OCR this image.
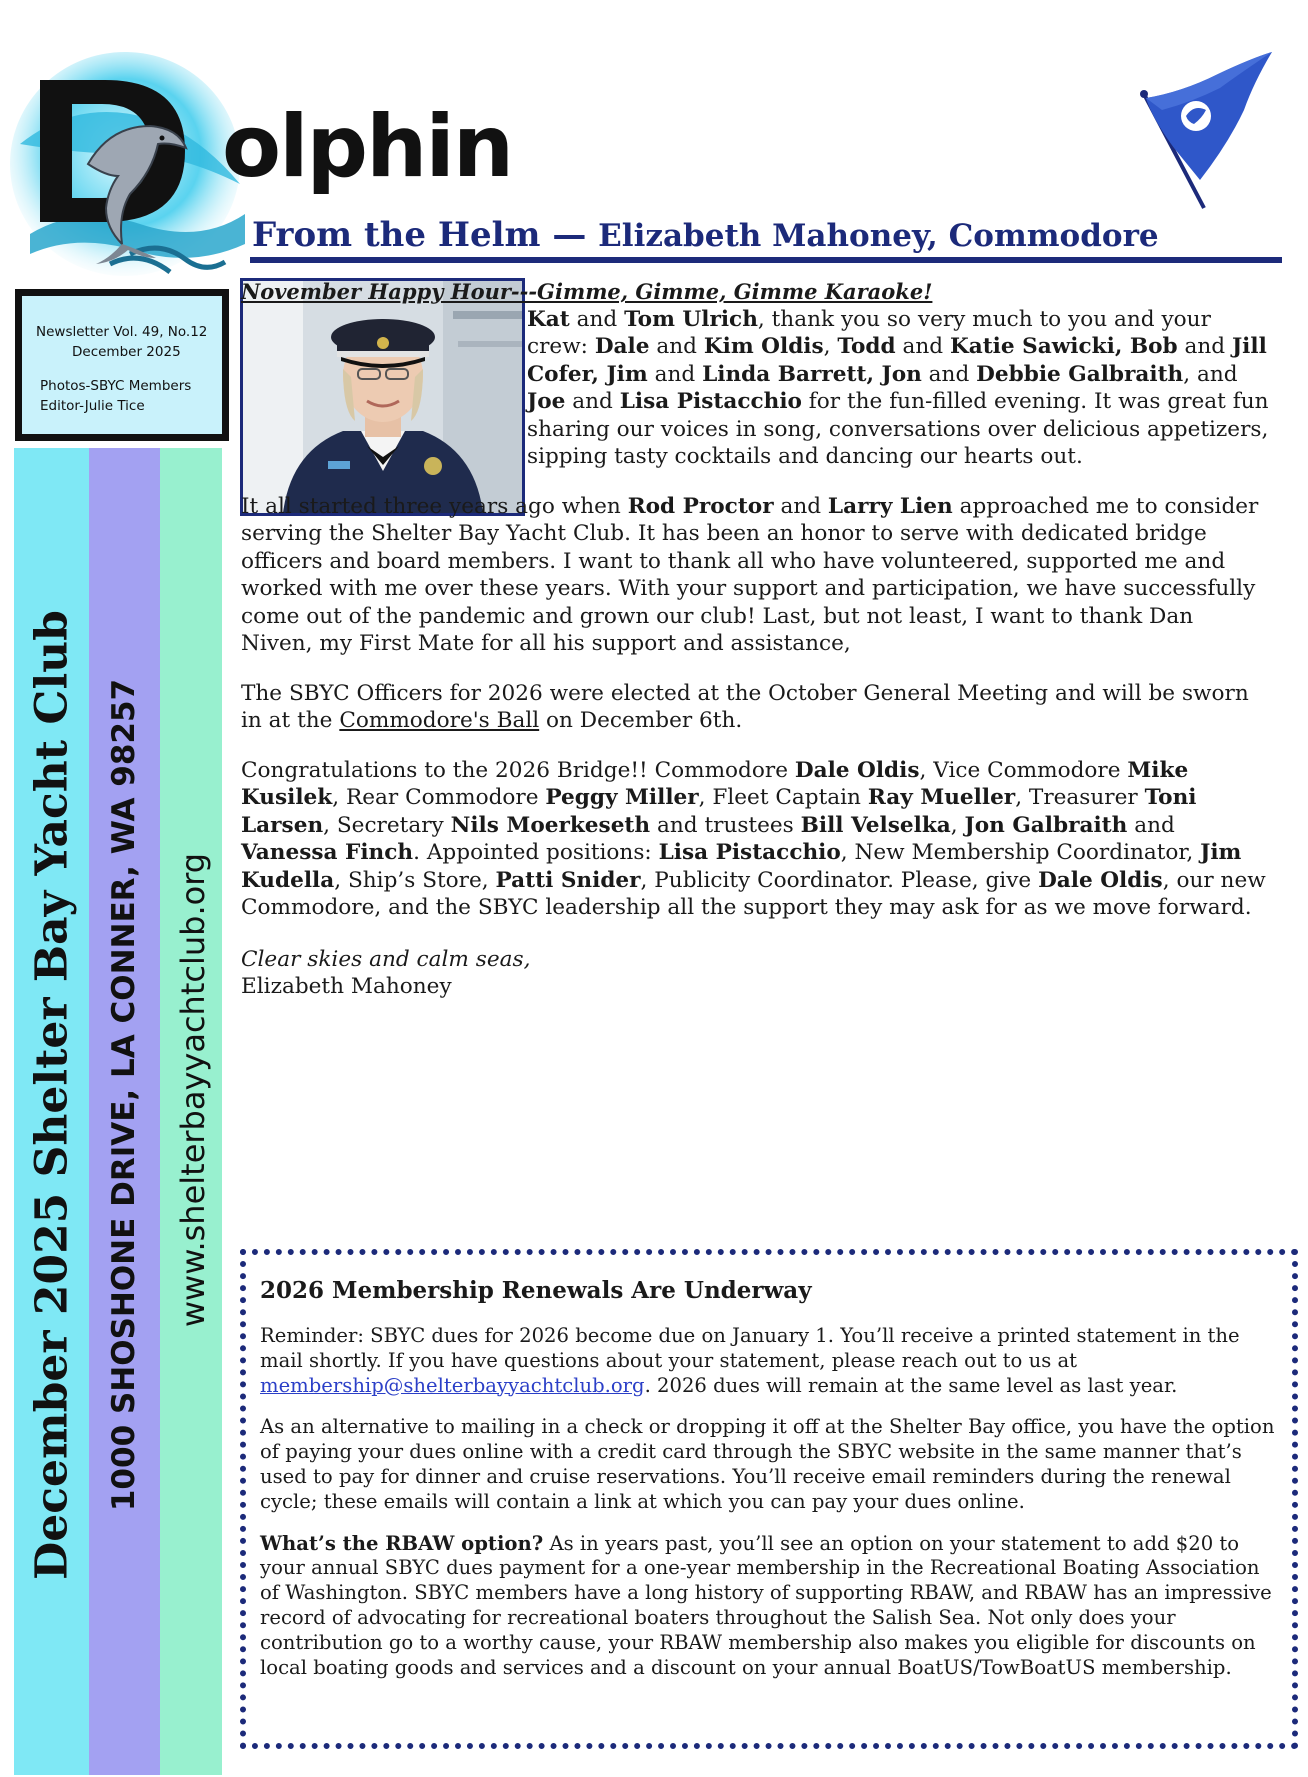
olphin
From the Helm — Elizabeth Mahoney, Commodore
Newsletter Vol. 49, No.12
December 2025
Photos-SBYC Members
Editor-Julie Tice
December 2025 Shelter Bay Yacht Club 1000 SHOSHONE DRIVE, LA CONNER, WA 98257 www.shelterbayyachtclub.org

November Happy Hour---Gimme, Gimme, Gimme Karaoke!

Kat and Tom Ulrich, thank you so very much to you and your crew: Dale and Kim Oldis, Todd and Katie Sawicki, Bob and Jill Cofer, Jim and Linda Barrett, Jon and Debbie Galbraith, and Joe and Lisa Pistacchio for the fun-filled evening. It was great fun sharing our voices in song, conversations over delicious appetizers, sipping tasty cocktails and dancing our hearts out.

It all started three years ago when Rod Proctor and Larry Lien approached me to consider serving the Shelter Bay Yacht Club. It has been an honor to serve with dedicated bridge officers and board members. I want to thank all who have volunteered, supported me and worked with me over these years. With your support and participation, we have successfully come out of the pandemic and grown our club! Last, but not least, I want to thank Dan Niven, my First Mate for all his support and assistance,

The SBYC Officers for 2026 were elected at the October General Meeting and will be sworn in at the Commodore's Ball on December 6th.

Congratulations to the 2026 Bridge!! Commodore Dale Oldis, Vice Commodore Mike Kusilek, Rear Commodore Peggy Miller, Fleet Captain Ray Mueller, Treasurer Toni Larsen, Secretary Nils Moerkeseth and trustees Bill Velselka, Jon Galbraith and Vanessa Finch. Appointed positions: Lisa Pistacchio, New Membership Coordinator, Jim Kudella, Ship’s Store, Patti Snider, Publicity Coordinator. Please, give Dale Oldis, our new Commodore, and the SBYC leadership all the support they may ask for as we move forward.

Clear skies and calm seas,

Elizabeth Mahoney

2026 Membership Renewals Are Underway

Reminder: SBYC dues for 2026 become due on January 1. You’ll receive a printed statement in the mail shortly. If you have questions about your statement, please reach out to us at membership@shelterbayyachtclub.org. 2026 dues will remain at the same level as last year.

As an alternative to mailing in a check or dropping it off at the Shelter Bay office, you have the option of paying your dues online with a credit card through the SBYC website in the same manner that’s used to pay for dinner and cruise reservations. You’ll receive email reminders during the renewal cycle; these emails will contain a link at which you can pay your dues online.

What’s the RBAW option? As in years past, you’ll see an option on your statement to add $20 to your annual SBYC dues payment for a one-year membership in the Recreational Boating Association of Washington. SBYC members have a long history of supporting RBAW, and RBAW has an impressive record of advocating for recreational boaters throughout the Salish Sea. Not only does your contribution go to a worthy cause, your RBAW membership also makes you eligible for discounts on local boating goods and services and a discount on your annual BoatUS/TowBoatUS membership.
